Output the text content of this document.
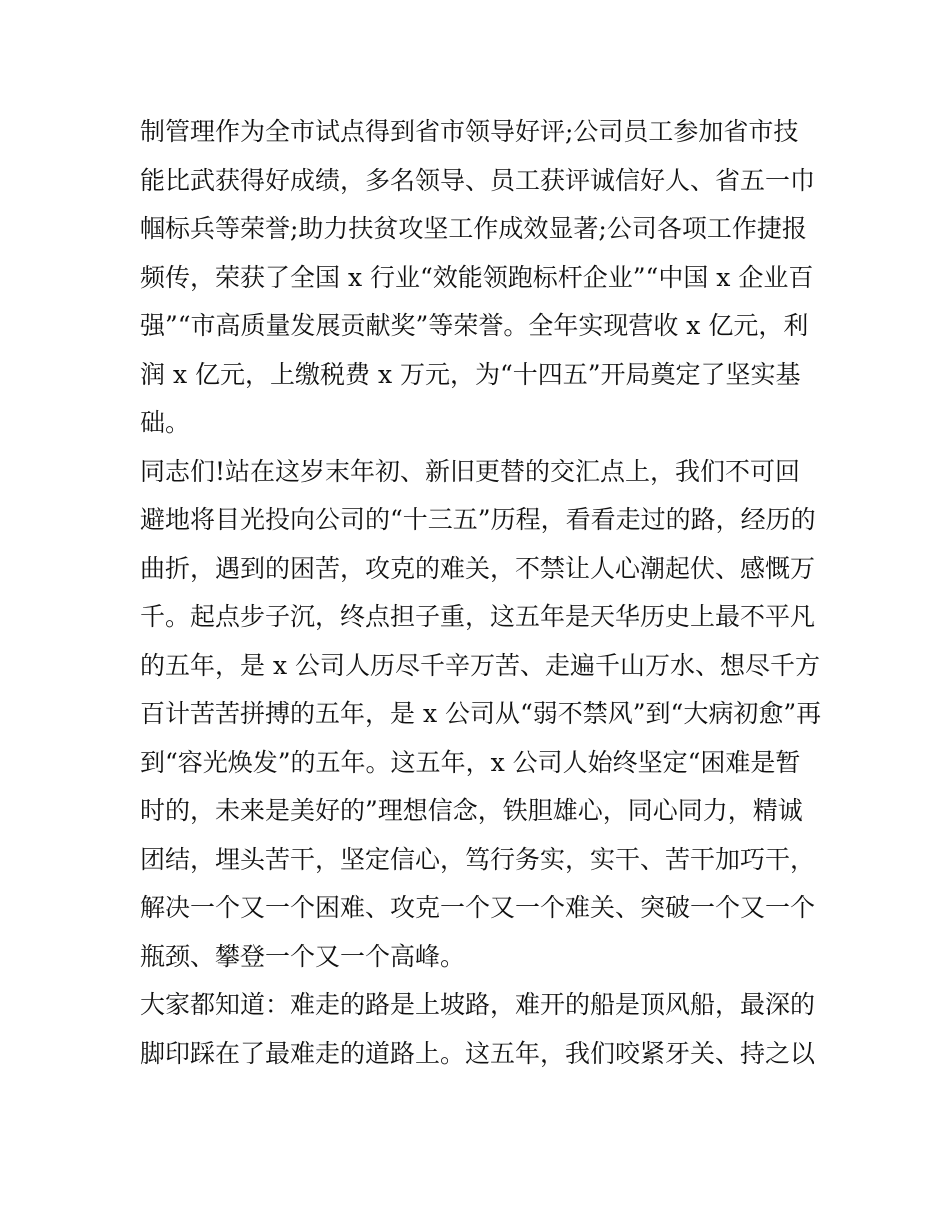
制管理作为全市试点得到省市领导好评;公司员工参加省市技
能比武获得好成绩，多名领导、员工获评诚信好人、省五一巾
帼标兵等荣誉;助力扶贫攻坚工作成效显著;公司各项工作捷报
频传，荣获了全国 x 行业“效能领跑标杆企业”“中国 x 企业百
强”“市高质量发展贡献奖”等荣誉。全年实现营收 x 亿元，利
润 x 亿元，上缴税费 x 万元，为“十四五”开局奠定了坚实基
础。
同志们!站在这岁末年初、新旧更替的交汇点上，我们不可回
避地将目光投向公司的“十三五”历程，看看走过的路，经历的
曲折，遇到的困苦，攻克的难关，不禁让人心潮起伏、感慨万
千。起点步子沉，终点担子重，这五年是天华历史上最不平凡
的五年，是 x 公司人历尽千辛万苦、走遍千山万水、想尽千方
百计苦苦拼搏的五年，是 x 公司从“弱不禁风”到“大病初愈”再
到“容光焕发”的五年。这五年，x 公司人始终坚定“困难是暂
时的，未来是美好的”理想信念，铁胆雄心，同心同力，精诚
团结，埋头苦干，坚定信心，笃行务实，实干、苦干加巧干，
解决一个又一个困难、攻克一个又一个难关、突破一个又一个
瓶颈、攀登一个又一个高峰。
大家都知道：难走的路是上坡路，难开的船是顶风船，最深的
脚印踩在了最难走的道路上。这五年，我们咬紧牙关、持之以
